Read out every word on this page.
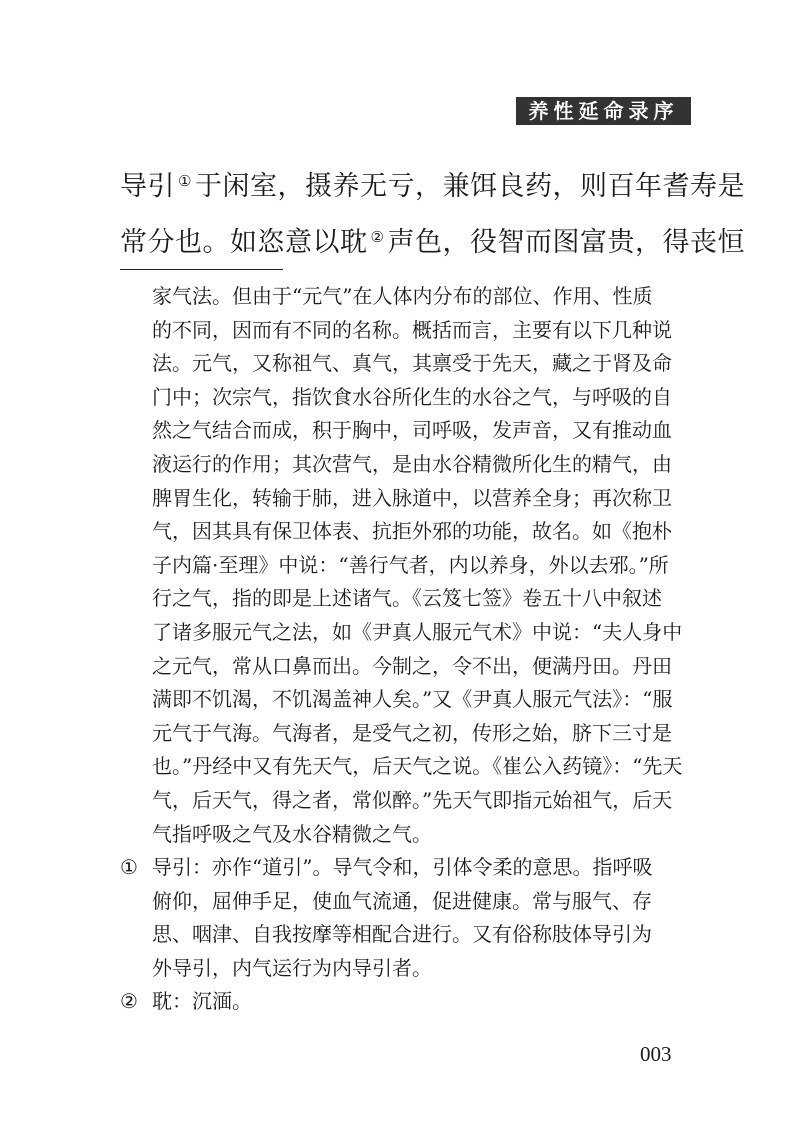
养性延命录序
导引 ① 于闲室，摄养无亏，兼饵良药，则百年耆寿是
常分也。如恣意以耽 ② 声色，役智而图富贵，得丧恒
家气法。但由于“元气”在人体内分布的部位、作用、性质
的不同，因而有不同的名称。概括而言，主要有以下几种说
法。元气，又称祖气、真气，其禀受于先天，藏之于肾及命
门中；次宗气，指饮食水谷所化生的水谷之气，与呼吸的自
然之气结合而成，积于胸中，司呼吸，发声音，又有推动血
液运行的作用；其次营气，是由水谷精微所化生的精气，由
脾胃生化，转输于肺，进入脉道中，以营养全身；再次称卫
气，因其具有保卫体表、抗拒外邪的功能，故名。如《抱朴
子内篇·至理》中说：“善行气者，内以养身，外以去邪。”所
行之气，指的即是上述诸气。《云笈七签》卷五十八中叙述
了诸多服元气之法，如《尹真人服元气术》中说：“夫人身中
之元气，常从口鼻而出。今制之，令不出，便满丹田。丹田
满即不饥渴，不饥渴盖神人矣。”又《尹真人服元气法》：“服
元气于气海。气海者，是受气之初，传形之始，脐下三寸是
也。”丹经中又有先天气，后天气之说。《崔公入药镜》：“先天
气，后天气，得之者，常似醉。”先天气即指元始祖气，后天
气指呼吸之气及水谷精微之气。
① 导引：亦作“道引”。导气令和，引体令柔的意思。指呼吸
俯仰，屈伸手足，使血气流通，促进健康。常与服气、存
思、咽津、自我按摩等相配合进行。又有俗称肢体导引为
外导引，内气运行为内导引者。
② 耽：沉湎。
003
